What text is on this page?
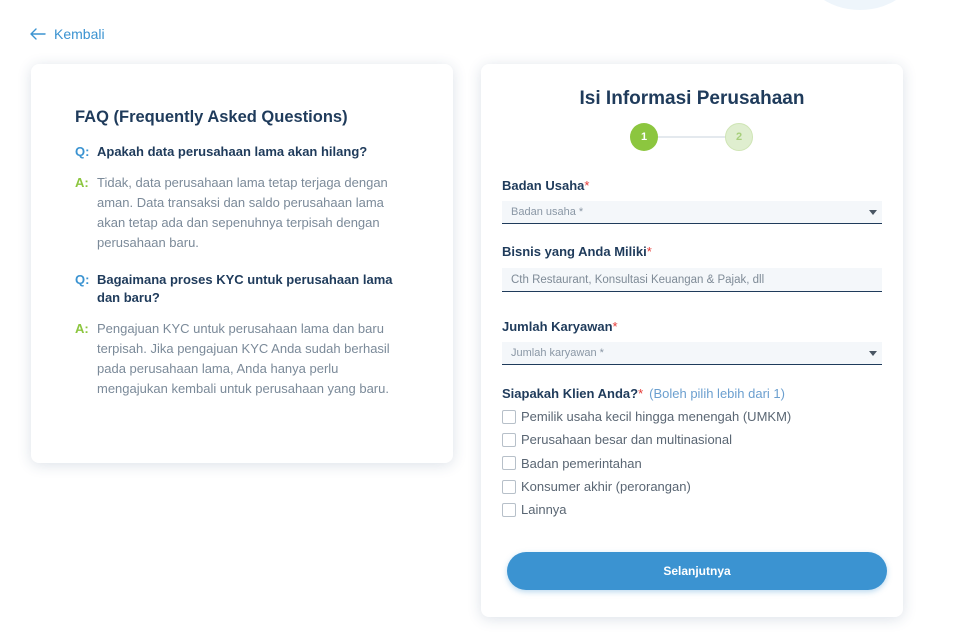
Kembali
FAQ (Frequently Asked Questions)
Q: Apakah data perusahaan lama akan hilang?
A: Tidak, data perusahaan lama tetap terjaga dengan aman. Data transaksi dan saldo perusahaan lama akan tetap ada dan sepenuhnya terpisah dengan perusahaan baru.
Q: Bagaimana proses KYC untuk perusahaan lama dan baru?
A: Pengajuan KYC untuk perusahaan lama dan baru terpisah. Jika pengajuan KYC Anda sudah berhasil pada perusahaan lama, Anda hanya perlu mengajukan kembali untuk perusahaan yang baru.
Isi Informasi Perusahaan
1	2
Badan Usaha*
Badan usaha *
Bisnis yang Anda Miliki*
Cth Restaurant, Konsultasi Keuangan & Pajak, dll
Jumlah Karyawan*
Jumlah karyawan *
Siapakah Klien Anda?* (Boleh pilih lebih dari 1)
Pemilik usaha kecil hingga menengah (UMKM)
Perusahaan besar dan multinasional
Badan pemerintahan
Konsumer akhir (perorangan)
Lainnya
Selanjutnya
